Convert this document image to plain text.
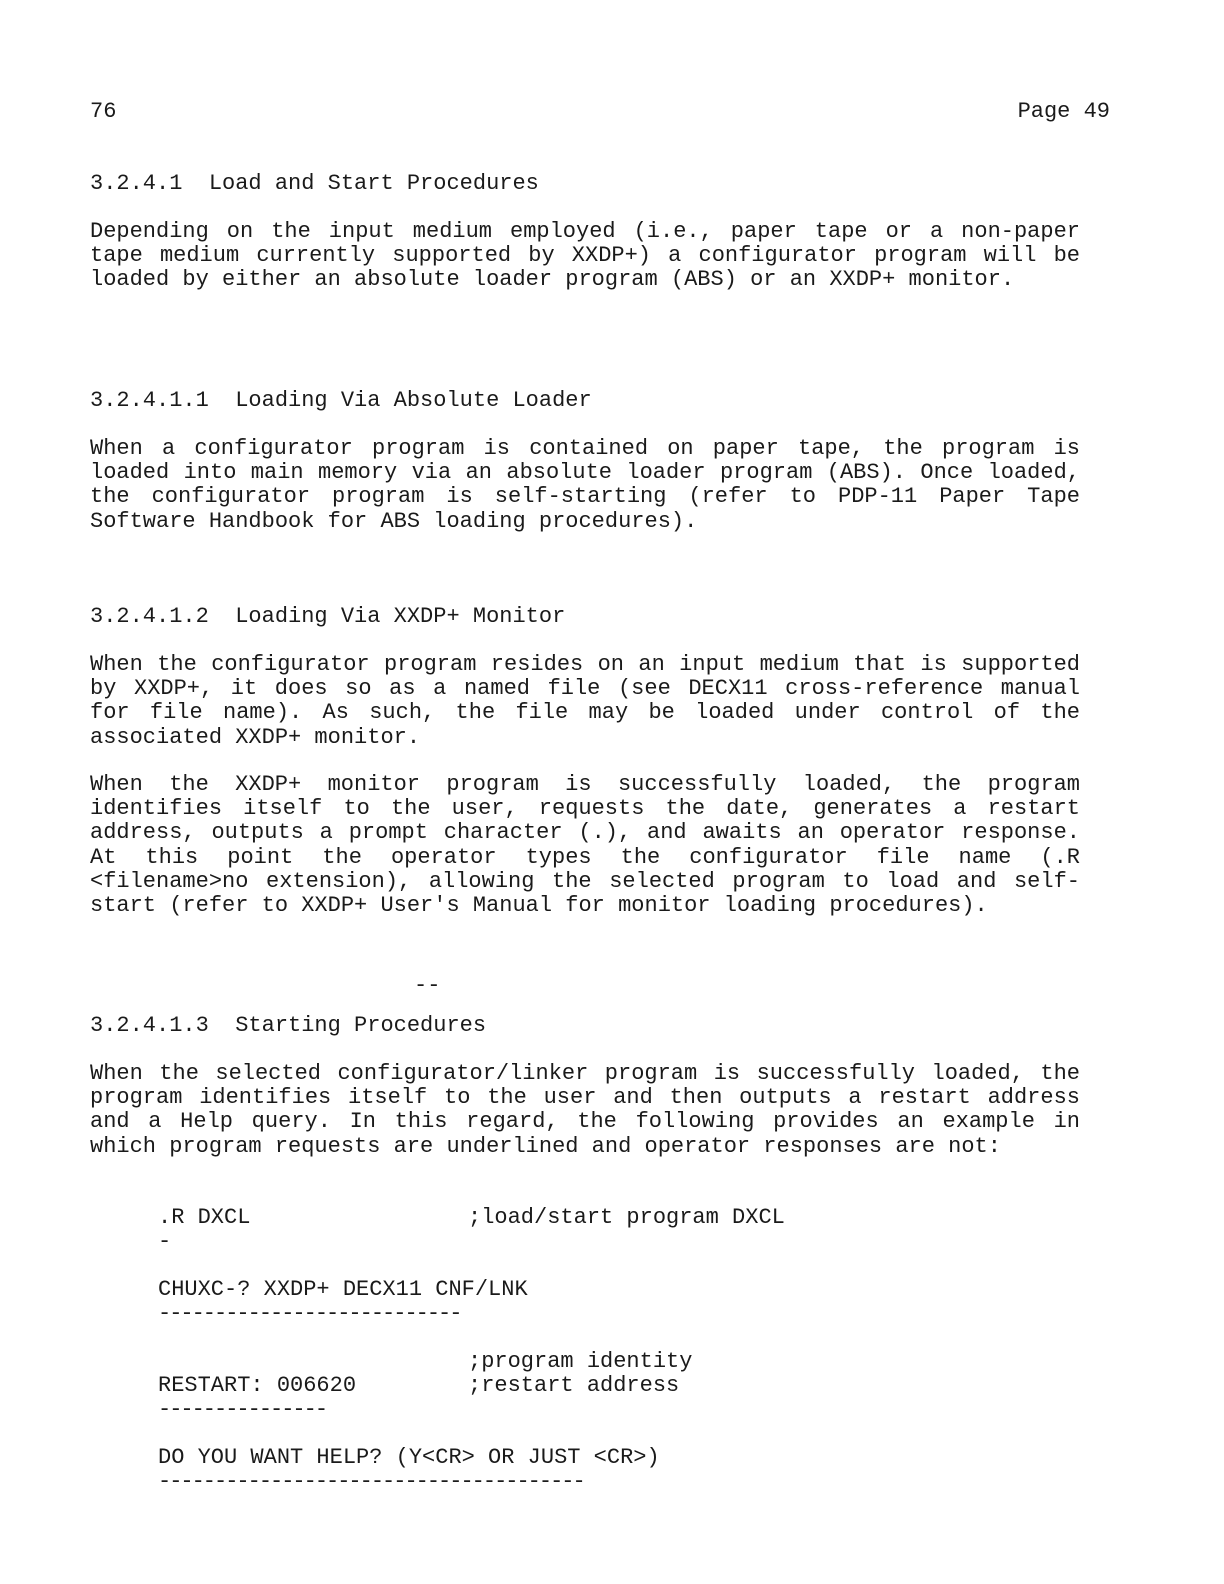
76	Page 49
3.2.4.1  Load and Start Procedures
Depending on the input medium employed (i.e., paper tape or a non-paper tape medium currently supported by XXDP+) a configurator program will be loaded by either an absolute loader program (ABS) or an XXDP+ monitor.
3.2.4.1.1  Loading Via Absolute Loader
When a configurator program is contained on paper tape, the program is loaded into main memory via an absolute loader program (ABS). Once loaded, the configurator program is self-starting (refer to PDP-11 Paper Tape Software Handbook for ABS loading procedures).
3.2.4.1.2  Loading Via XXDP+ Monitor
When the configurator program resides on an input medium that is supported by XXDP+, it does so as a named file (see DECX11 cross-reference manual for file name). As such, the file may be loaded under control of the associated XXDP+ monitor.
When the XXDP+ monitor program is successfully loaded, the program identifies itself to the user, requests the date, generates a restart address, outputs a prompt character (.), and awaits an operator response. At this point the operator types the configurator file name (.R <filename>no extension), allowing the selected program to load and self-start (refer to XXDP+ User's Manual for monitor loading procedures).
--
3.2.4.1.3  Starting Procedures
When the selected configurator/linker program is successfully loaded, the program identifies itself to the user and then outputs a restart address and a Help query. In this regard, the following provides an example in which program requests are underlined and operator responses are not:
.R DXCL	;load/start program DXCL
-
CHUXC-? XXDP+ DECX11 CNF/LNK
---------------------------
;program identity
RESTART: 006620	;restart address
---------------
DO YOU WANT HELP? (Y<CR> OR JUST <CR>)
--------------------------------------
